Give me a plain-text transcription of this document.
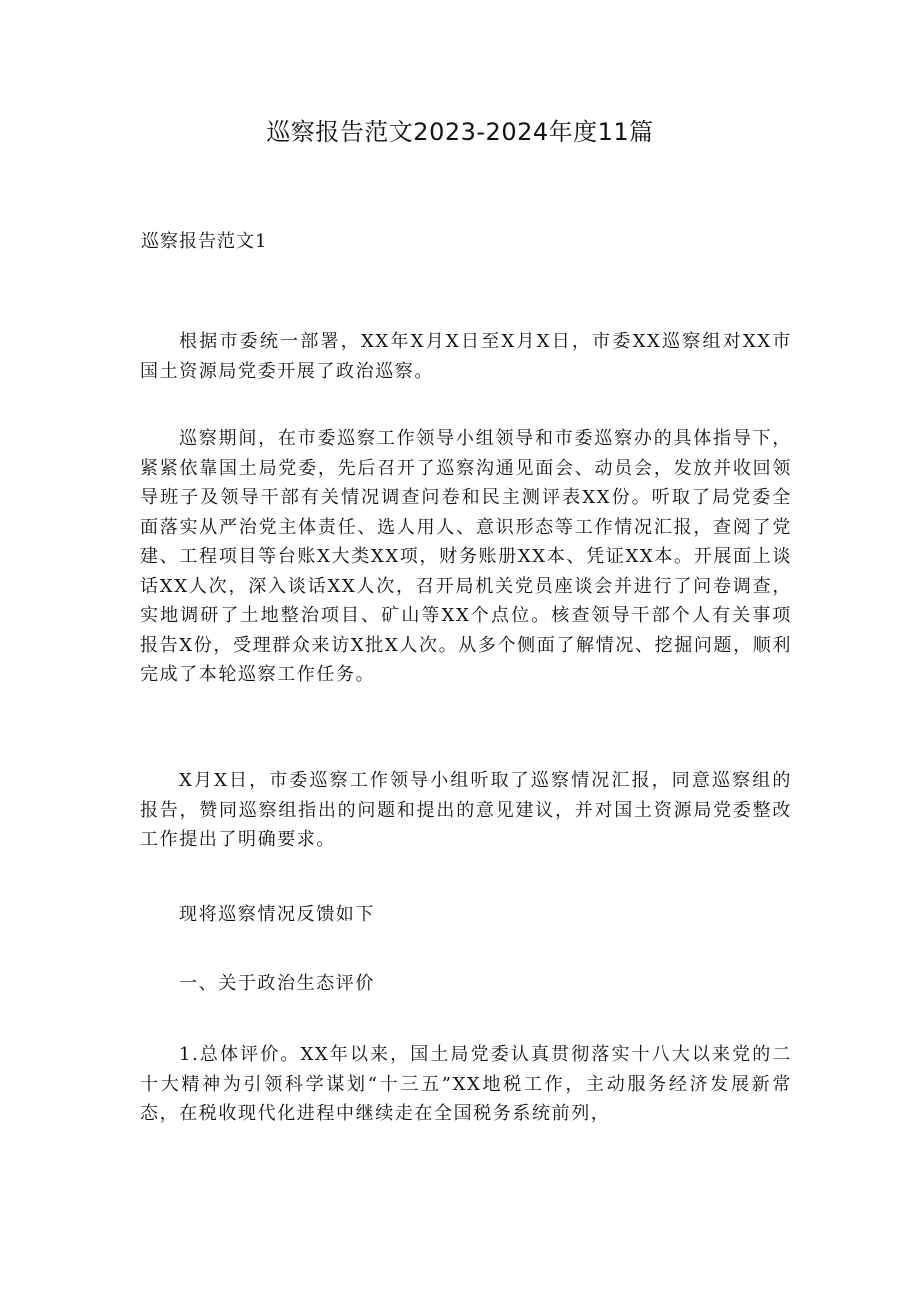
巡察报告范文2023-2024年度11篇
巡察报告范文1

根据市委统一部署，XX年X月X日至X月X日，市委XX巡察组对XX市国土资源局党委开展了政治巡察。

巡察期间，在市委巡察工作领导小组领导和市委巡察办的具体指导下，紧紧依靠国土局党委，先后召开了巡察沟通见面会、动员会，发放并收回领导班子及领导干部有关情况调查问卷和民主测评表XX份。听取了局党委全面落实从严治党主体责任、选人用人、意识形态等工作情况汇报，查阅了党建、工程项目等台账X大类XX项，财务账册XX本、凭证XX本。开展面上谈话XX人次，深入谈话XX人次，召开局机关党员座谈会并进行了问卷调查，实地调研了土地整治项目、矿山等XX个点位。核查领导干部个人有关事项报告X份，受理群众来访X批X人次。从多个侧面了解情况、挖掘问题，顺利完成了本轮巡察工作任务。

X月X日，市委巡察工作领导小组听取了巡察情况汇报，同意巡察组的报告，赞同巡察组指出的问题和提出的意见建议，并对国土资源局党委整改工作提出了明确要求。

现将巡察情况反馈如下

一、关于政治生态评价

1.总体评价。XX年以来，国土局党委认真贯彻落实十八大以来党的二十大精神为引领科学谋划“十三五”XX地税工作，主动服务经济发展新常态，在税收现代化进程中继续走在全国税务系统前列，
